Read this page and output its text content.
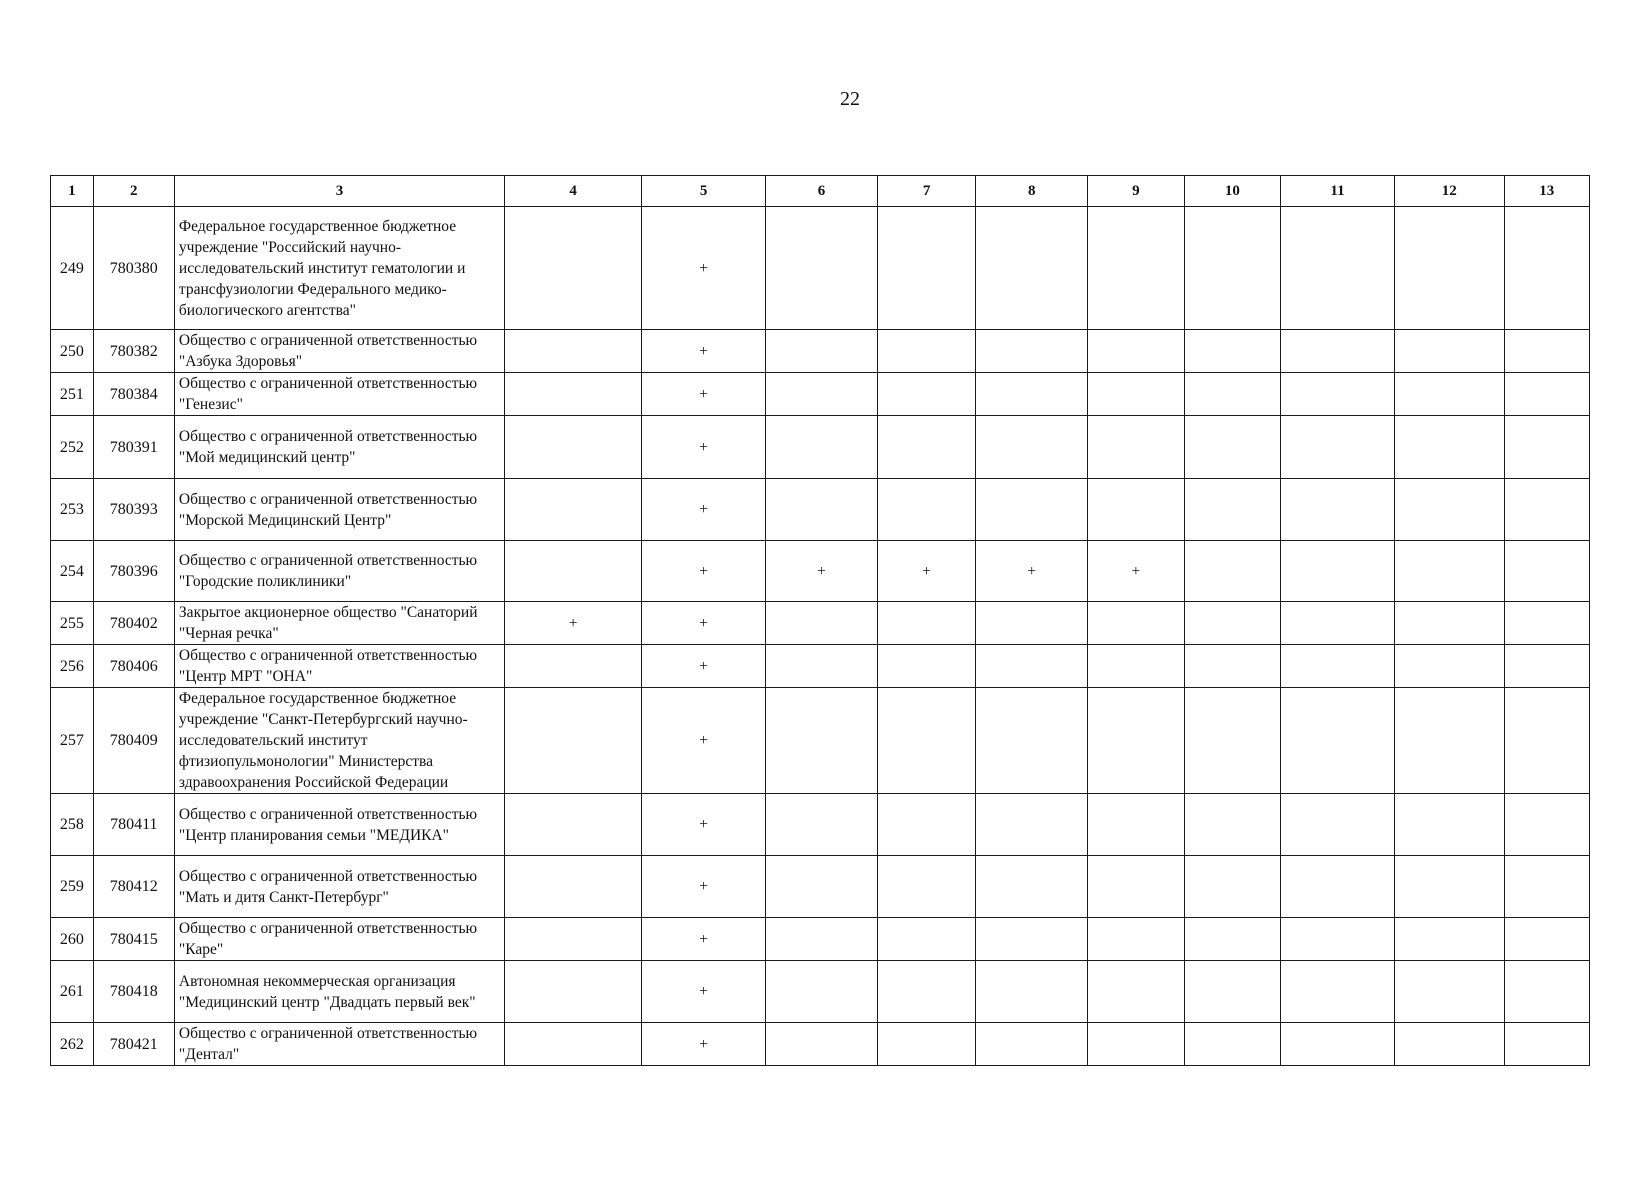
22
1	2	3	4	5	6	7	8	9	10	11	12	13
249	780380	Федеральное государственное бюджетное учреждение "Российский научно-исследовательский институт гематологии и трансфузиологии Федерального медико-биологического агентства"		+								
250	780382	Общество с ограниченной ответственностью "Азбука Здоровья"		+								
251	780384	Общество с ограниченной ответственностью "Генезис"		+								
252	780391	Общество с ограниченной ответственностью "Мой медицинский центр"		+								
253	780393	Общество с ограниченной ответственностью "Морской Медицинский Центр"		+								
254	780396	Общество с ограниченной ответственностью "Городские поликлиники"		+	+	+	+	+				
255	780402	Закрытое акционерное общество "Санаторий "Черная речка"	+	+								
256	780406	Общество с ограниченной ответственностью "Центр МРТ "ОНА"		+								
257	780409	Федеральное государственное бюджетное учреждение "Санкт-Петербургский научно-исследовательский институт фтизиопульмонологии" Министерства здравоохранения Российской Федерации		+								
258	780411	Общество с ограниченной ответственностью "Центр планирования семьи "МЕДИКА"		+								
259	780412	Общество с ограниченной ответственностью "Мать и дитя Санкт-Петербург"		+								
260	780415	Общество с ограниченной ответственностью "Каре"		+								
261	780418	Автономная некоммерческая организация "Медицинский центр "Двадцать первый век"		+								
262	780421	Общество с ограниченной ответственностью "Дентал"		+								
